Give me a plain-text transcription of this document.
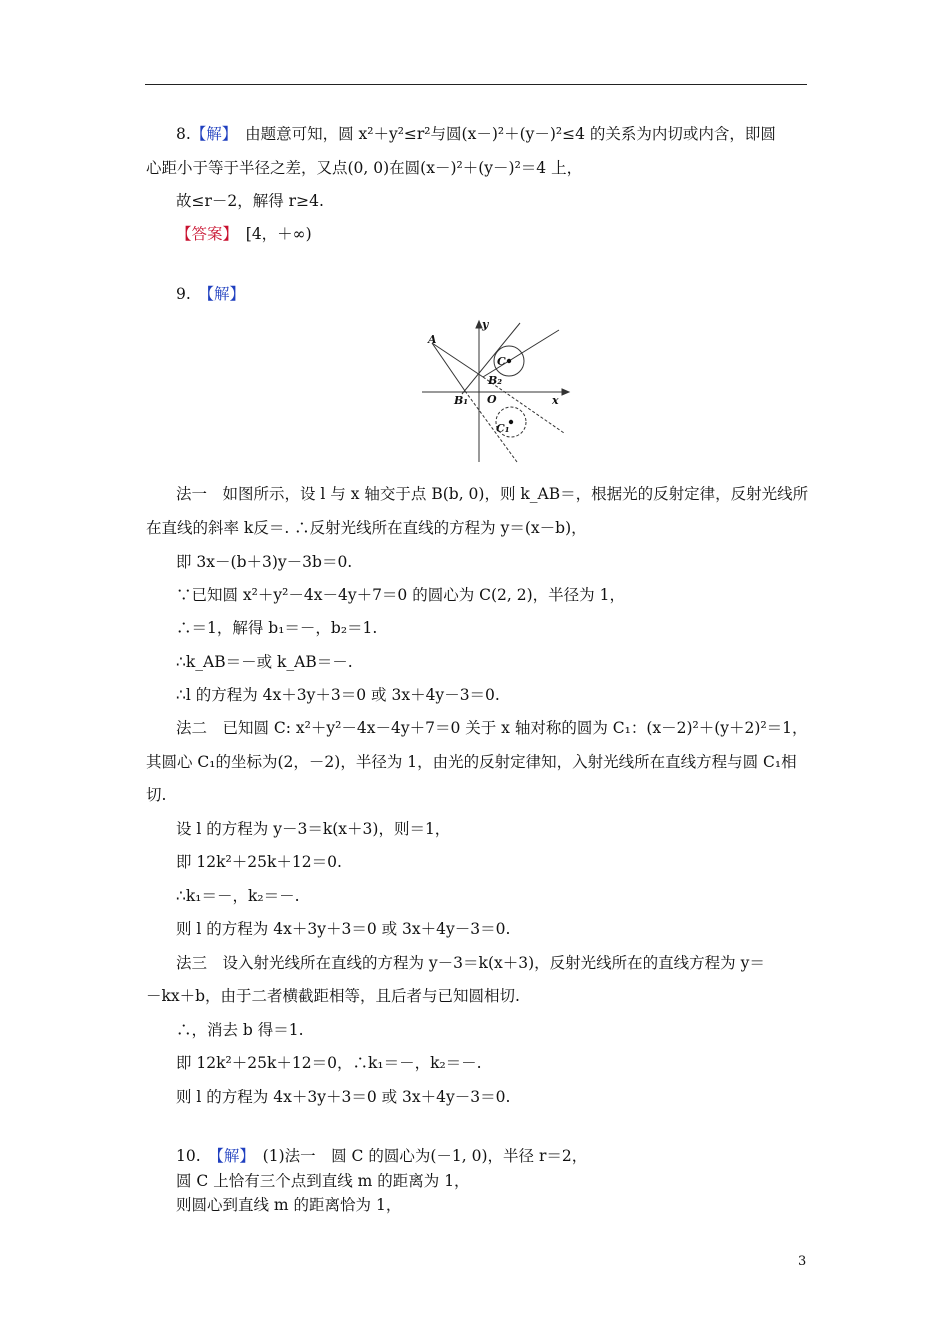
8.【解】　由题意可知，圆 x²＋y²≤r²与圆(x－)²＋(y－)²≤4 的关系为内切或内含，即圆
心距小于等于半径之差，又点(0, 0)在圆(x－)²＋(y－)²＝4 上，
故≤r－2，解得 r≥4.
【答案】　[4，＋∞)
9.　【解】
A
y
C
B₂
B₁ O	x
C₁
法一　如图所示，设 l 与 x 轴交于点 B(b, 0)，则 k_AB＝，根据光的反射定律，反射光线所
在直线的斜率 k反＝. ∴反射光线所在直线的方程为 y＝(x－b)，
即 3x－(b＋3)y－3b＝0.
∵已知圆 x²＋y²－4x－4y＋7＝0 的圆心为 C(2, 2)，半径为 1，
∴＝1，解得 b₁＝－，b₂＝1.
∴k_AB＝－或 k_AB＝－.
∴l 的方程为 4x＋3y＋3＝0 或 3x＋4y－3＝0.
法二　已知圆 C: x²＋y²－4x－4y＋7＝0 关于 x 轴对称的圆为 C₁：(x－2)²＋(y＋2)²＝1，
其圆心 C₁的坐标为(2，－2)，半径为 1，由光的反射定律知，入射光线所在直线方程与圆 C₁相
切.
设 l 的方程为 y－3＝k(x＋3)，则＝1，
即 12k²＋25k＋12＝0.
∴k₁＝－，k₂＝－.
则 l 的方程为 4x＋3y＋3＝0 或 3x＋4y－3＝0.
法三　设入射光线所在直线的方程为 y－3＝k(x＋3)，反射光线所在的直线方程为 y＝
－kx＋b，由于二者横截距相等，且后者与已知圆相切.
∴，消去 b 得＝1.
即 12k²＋25k＋12＝0，∴k₁＝－，k₂＝－.
则 l 的方程为 4x＋3y＋3＝0 或 3x＋4y－3＝0.
10.　【解】　(1)法一　圆 C 的圆心为(－1, 0)，半径 r＝2，
圆 C 上恰有三个点到直线 m 的距离为 1，
则圆心到直线 m 的距离恰为 1，
3
